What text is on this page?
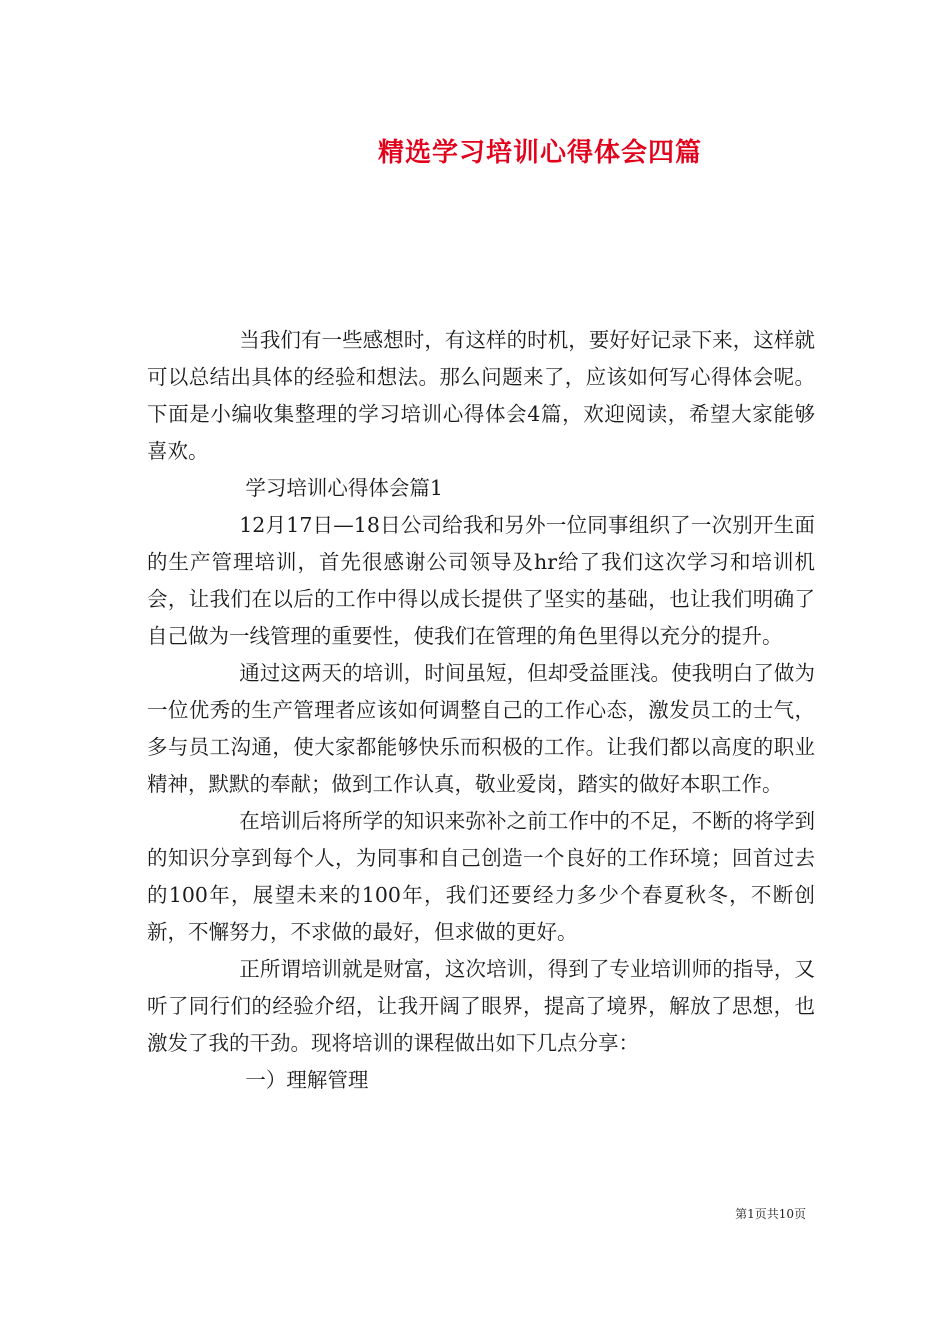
精选学习培训心得体会四篇

当我们有一些感想时，有这样的时机，要好好记录下来，这样就可以总结出具体的经验和想法。那么问题来了，应该如何写心得体会呢。下面是小编收集整理的学习培训心得体会4篇，欢迎阅读，希望大家能够喜欢。

学习培训心得体会篇1

12月17日—18日公司给我和另外一位同事组织了一次别开生面的生产管理培训，首先很感谢公司领导及hr给了我们这次学习和培训机会，让我们在以后的工作中得以成长提供了坚实的基础，也让我们明确了自己做为一线管理的重要性，使我们在管理的角色里得以充分的提升。

通过这两天的培训，时间虽短，但却受益匪浅。使我明白了做为一位优秀的生产管理者应该如何调整自己的工作心态，激发员工的士气，多与员工沟通，使大家都能够快乐而积极的工作。让我们都以高度的职业精神，默默的奉献；做到工作认真，敬业爱岗，踏实的做好本职工作。

在培训后将所学的知识来弥补之前工作中的不足，不断的将学到的知识分享到每个人，为同事和自己创造一个良好的工作环境；回首过去的100年，展望未来的100年，我们还要经力多少个春夏秋冬，不断创新，不懈努力，不求做的最好，但求做的更好。

正所谓培训就是财富，这次培训，得到了专业培训师的指导，又听了同行们的经验介绍，让我开阔了眼界，提高了境界，解放了思想，也激发了我的干劲。现将培训的课程做出如下几点分享：

一）理解管理

第1页共10页
